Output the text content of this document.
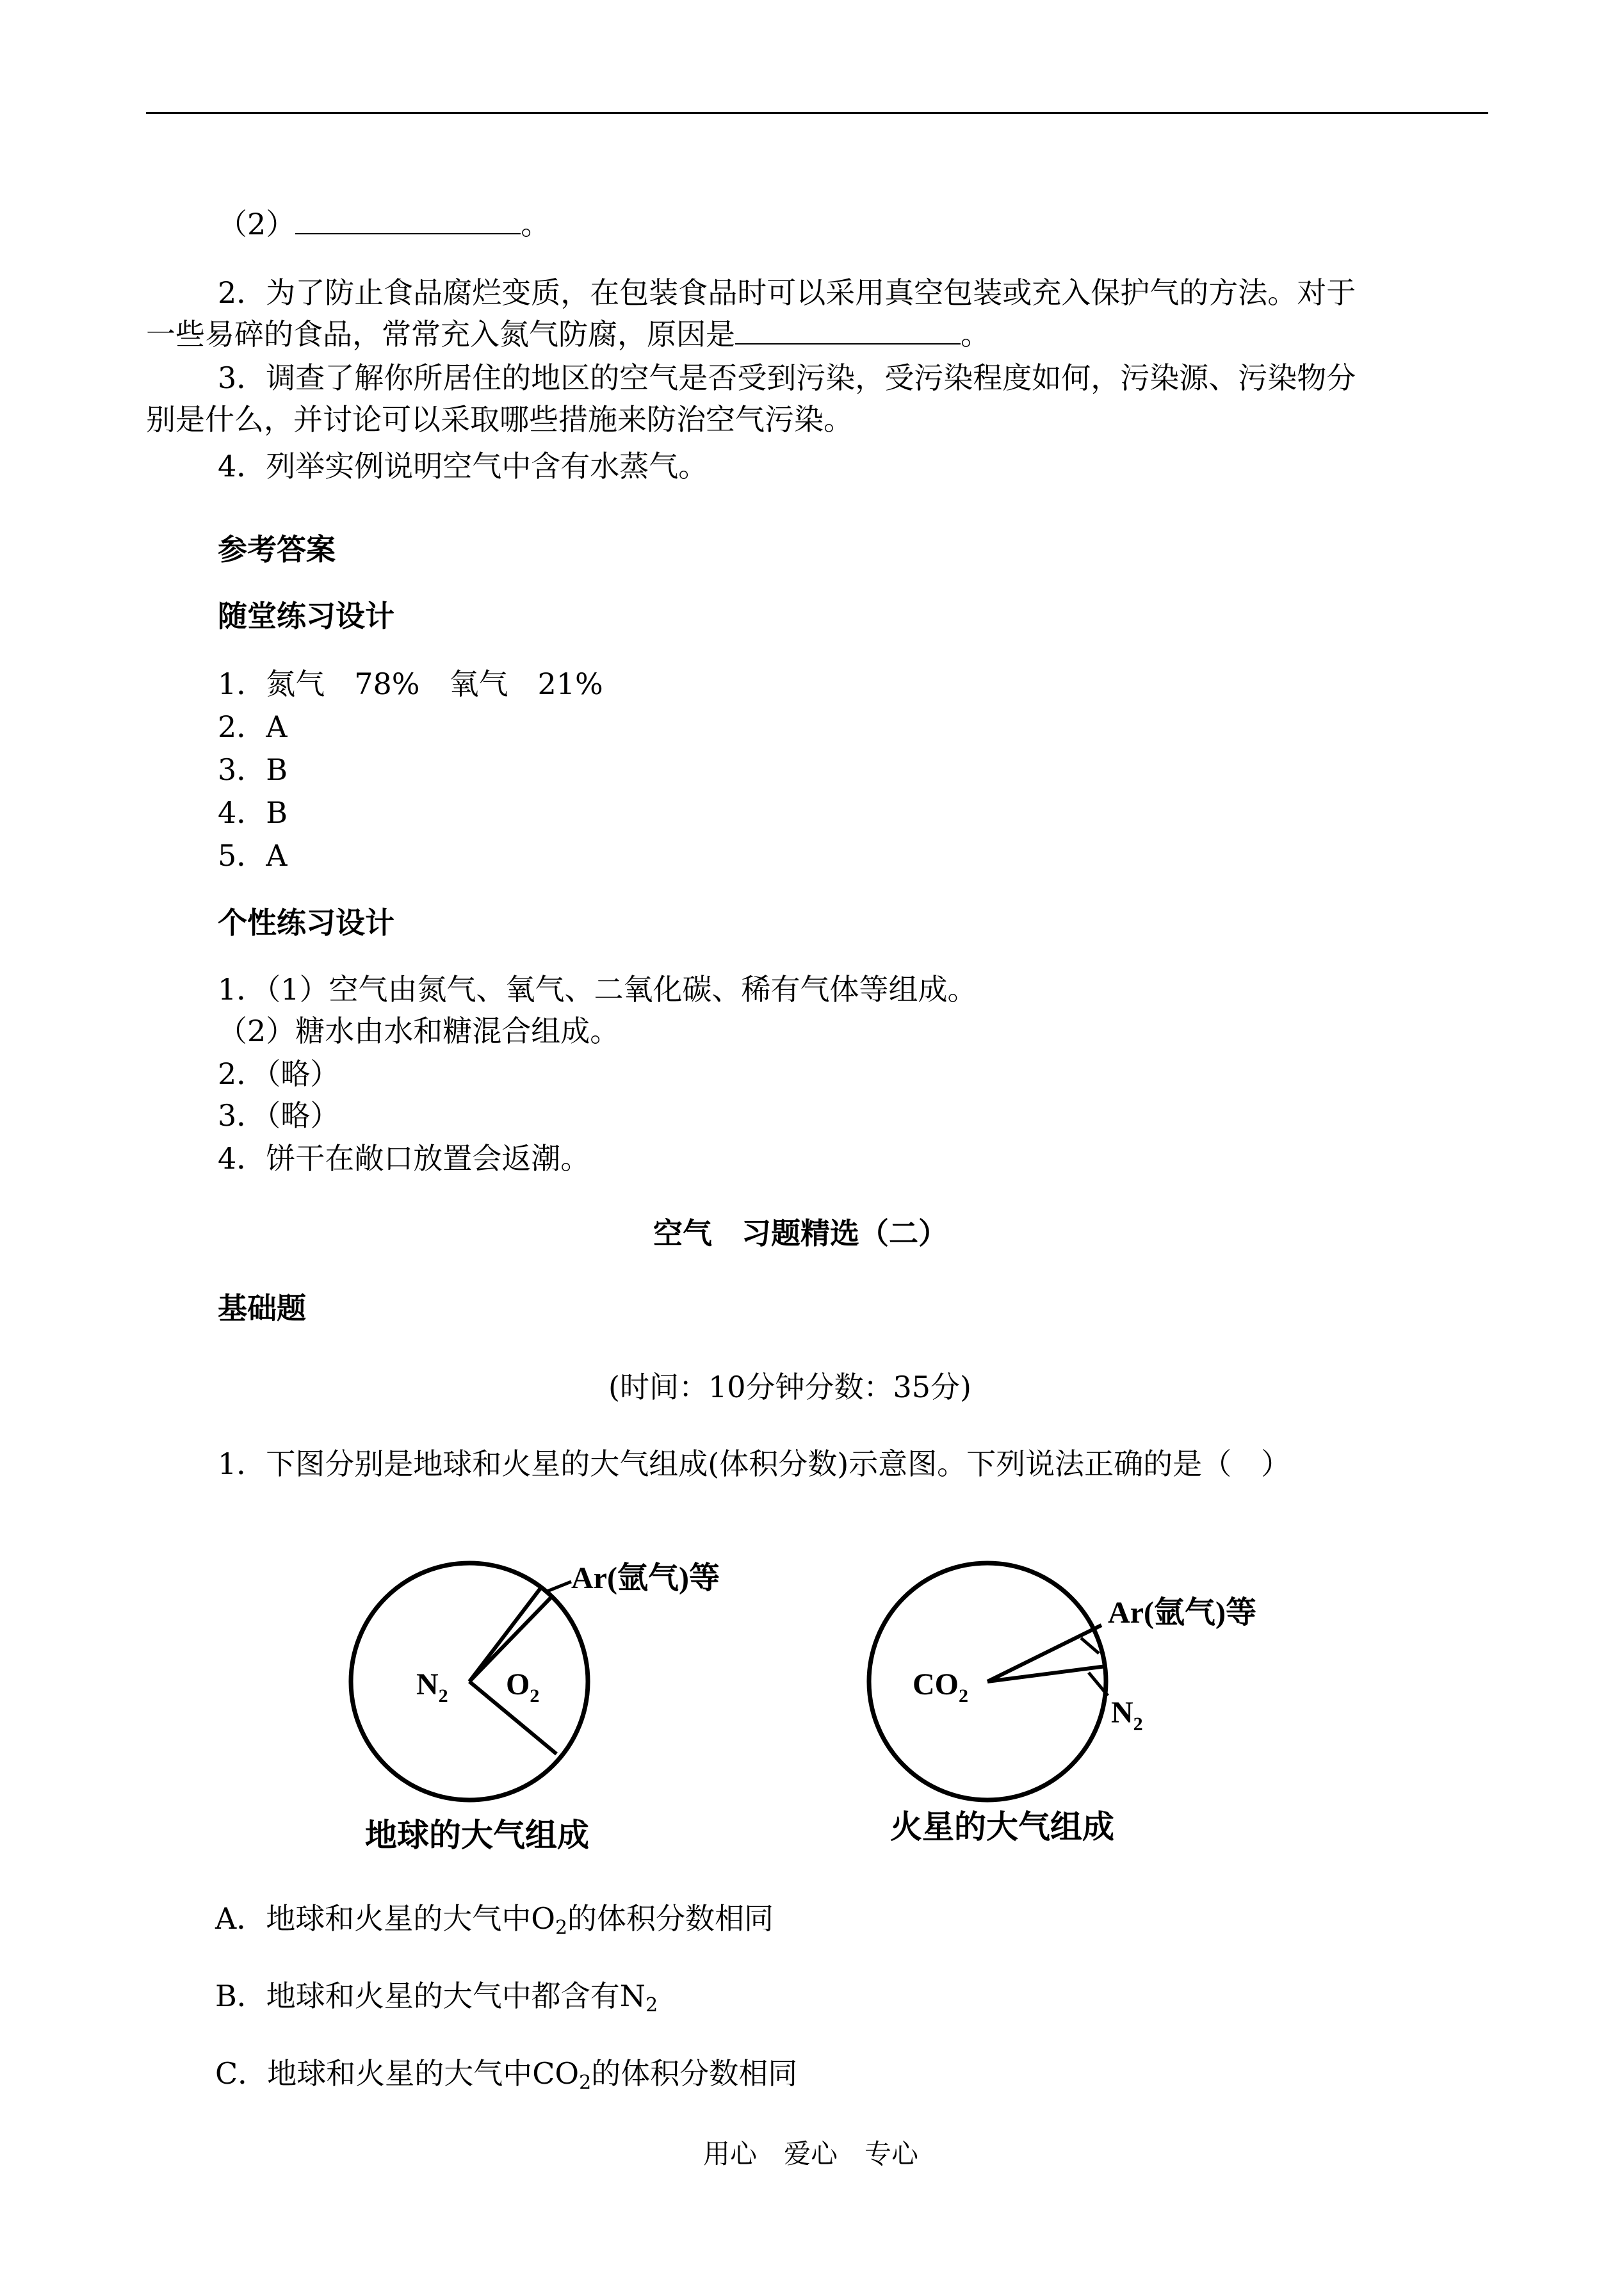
（2）	。
2．为了防止食品腐烂变质，在包装食品时可以采用真空包装或充入保护气的方法。对于
一些易碎的食品，常常充入氮气防腐，原因是	。
3．调查了解你所居住的地区的空气是否受到污染，受污染程度如何，污染源、污染物分
别是什么，并讨论可以采取哪些措施来防治空气污染。
4．列举实例说明空气中含有水蒸气。
参考答案
随堂练习设计
1．氮气　78%　氧气　21%
2．A
3．B
4．B
5．A
个性练习设计
1．（1）空气由氮气、氧气、二氧化碳、稀有气体等组成。
（2）糖水由水和糖混合组成。
2．（略）
3．（略）
4．饼干在敞口放置会返潮。
空气　习题精选（二）
基础题
(时间：10分钟分数：35分)
1．下图分别是地球和火星的大气组成(体积分数)示意图。下列说法正确的是（　）
$N_2$ $O_2$
Ar(氩气)等
地球的大气组成
$CO_2$
Ar(氩气)等
$N_2$
火星的大气组成
A．地球和火星的大气中$O_2$的体积分数相同
B．地球和火星的大气中都含有$N_2$
C．地球和火星的大气中$CO_2$的体积分数相同
用心　爱心　专心
